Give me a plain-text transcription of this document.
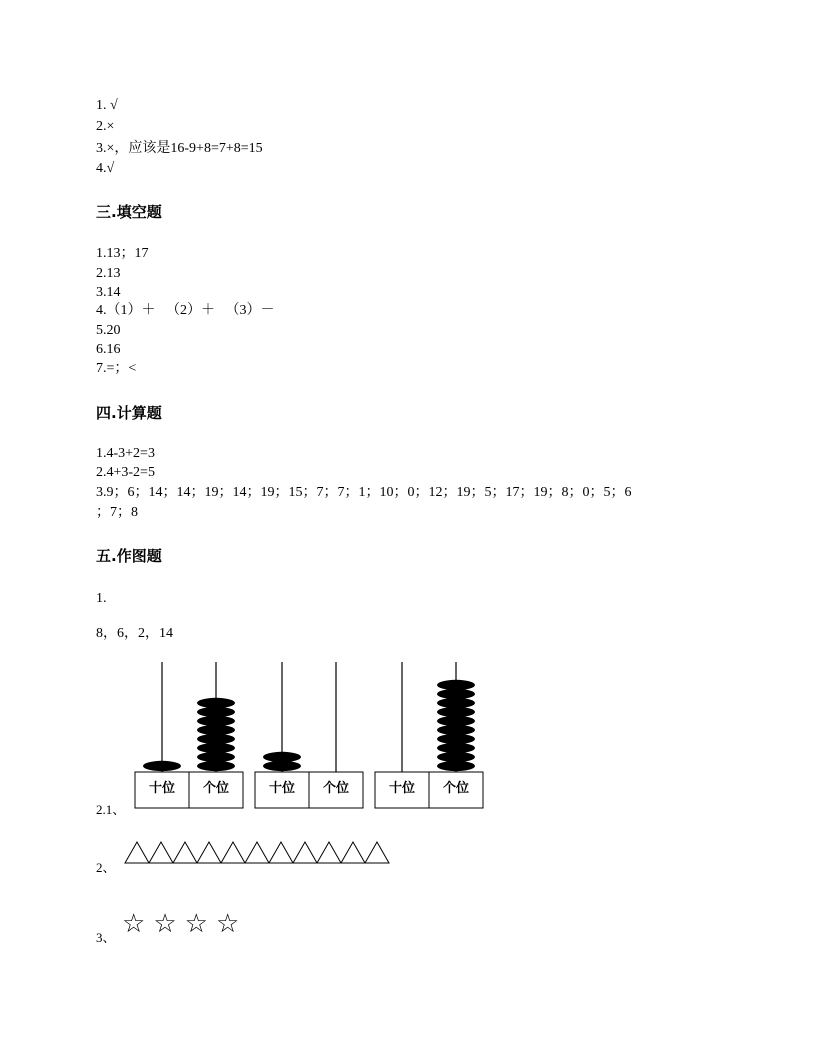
1. √
2.×
3.×，应该是16-9+8=7+8=15
4.√
三.填空题
1.13；17
2.13
3.14
4.（1）＋   （2）＋   （3）－
5.20
6.16
7.=；<
四.计算题
1.4-3+2=3
2.4+3-2=5
3.9；6；14；14；19；14；19；15；7；7；1；10；0；12；19；5；17；19；8；0；5；6
；7；8
五.作图题
1.
8，6，2，14
十位 个位	十位 个位	十位 个位
2.1、
2、
☆☆☆☆
3、
